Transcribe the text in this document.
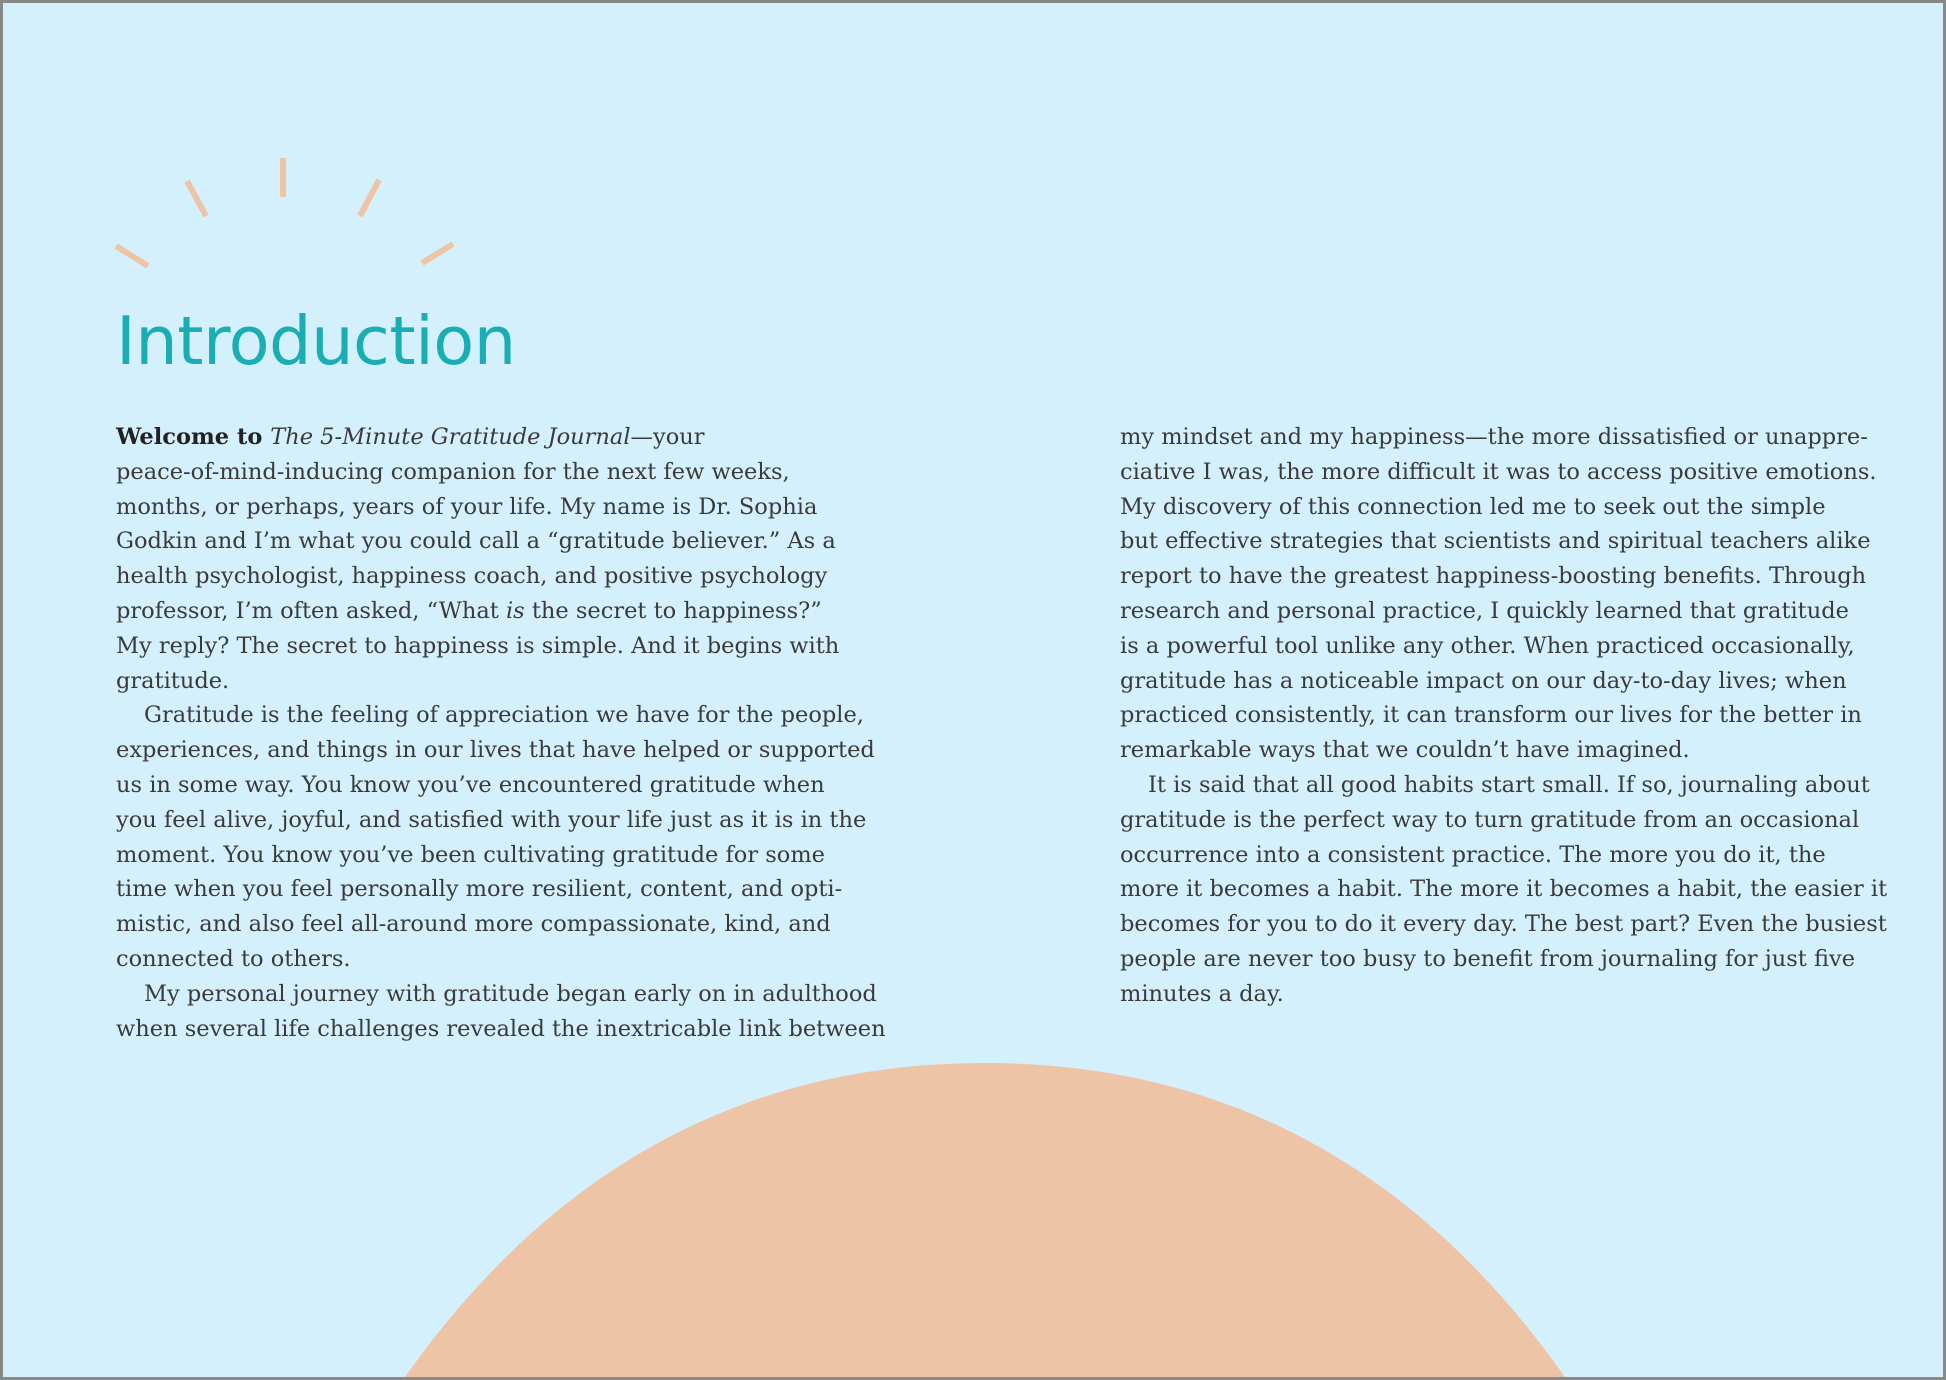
Introduction
Welcome to The 5-Minute Gratitude Journal—your
peace-of-mind-inducing companion for the next few weeks,
months, or perhaps, years of your life. My name is Dr. Sophia
Godkin and I’m what you could call a “gratitude believer.” As a
health psychologist, happiness coach, and positive psychology
professor, I’m often asked, “What is the secret to happiness?”
My reply? The secret to happiness is simple. And it begins with
gratitude.
Gratitude is the feeling of appreciation we have for the people,
experiences, and things in our lives that have helped or supported
us in some way. You know you’ve encountered gratitude when
you feel alive, joyful, and satisfied with your life just as it is in the
moment. You know you’ve been cultivating gratitude for some
time when you feel personally more resilient, content, and opti-
mistic, and also feel all-around more compassionate, kind, and
connected to others.
My personal journey with gratitude began early on in adulthood
when several life challenges revealed the inextricable link between
my mindset and my happiness—the more dissatisfied or unappre-
ciative I was, the more difficult it was to access positive emotions.
My discovery of this connection led me to seek out the simple
but effective strategies that scientists and spiritual teachers alike
report to have the greatest happiness-boosting benefits. Through
research and personal practice, I quickly learned that gratitude
is a powerful tool unlike any other. When practiced occasionally,
gratitude has a noticeable impact on our day-to-day lives; when
practiced consistently, it can transform our lives for the better in
remarkable ways that we couldn’t have imagined.
It is said that all good habits start small. If so, journaling about
gratitude is the perfect way to turn gratitude from an occasional
occurrence into a consistent practice. The more you do it, the
more it becomes a habit. The more it becomes a habit, the easier it
becomes for you to do it every day. The best part? Even the busiest
people are never too busy to benefit from journaling for just five
minutes a day.
